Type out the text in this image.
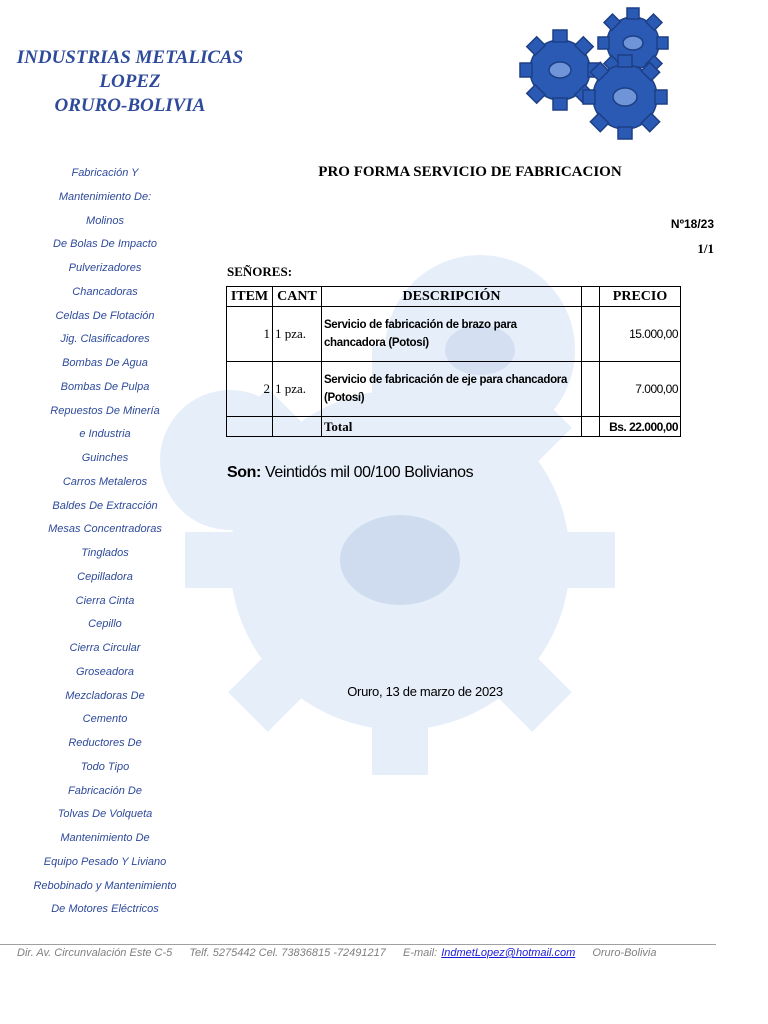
INDUSTRIAS METALICAS
LOPEZ
ORURO-BOLIVIA
Fabricación Y
Mantenimiento De:
Molinos
De Bolas De Impacto
Pulverizadores
Chancadoras
Celdas De Flotación
Jig. Clasificadores
Bombas De Agua
Bombas De Pulpa
Repuestos De Minería
e Industria
Guinches
Carros Metaleros
Baldes De Extracción
Mesas Concentradoras
Tinglados
Cepilladora
Cierra Cinta
Cepillo
Cierra Circular
Groseadora
Mezcladoras De
Cemento
Reductores De
Todo Tipo
Fabricación De
Tolvas De Volqueta
Mantenimiento De
Equipo Pesado Y Liviano
Rebobinado y Mantenimiento
De Motores Eléctricos
PRO FORMA SERVICIO DE FABRICACION
Nº18/23
1/1
SEÑORES:
ITEM	CANT	DESCRIPCIÓN		PRECIO
1	1 pza.	Servicio de fabricación de brazo para chancadora (Potosí)		15.000,00
2	1 pza.	Servicio de fabricación de eje para chancadora (Potosí)		7.000,00
		Total		Bs. 22.000,00
Son: Veintidós mil 00/100 Bolivianos
Oruro, 13 de marzo de 2023
Dir. Av. Circunvalación Este C-5 Telf. 5275442 Cel. 73836815 -72491217 E-mail: IndmetLopez@hotmail.com Oruro-Bolivia
